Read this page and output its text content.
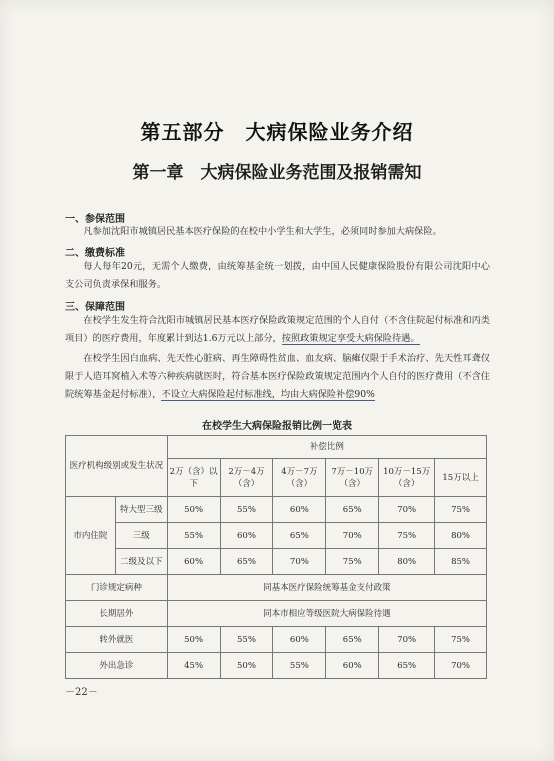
第五部分　大病保险业务介绍
第一章　大病保险业务范围及报销需知
一、参保范围
凡参加沈阳市城镇居民基本医疗保险的在校中小学生和大学生，必须同时参加大病保险。
二、缴费标准
每人每年20元，无需个人缴费，由统筹基金统一划拨，由中国人民健康保险股份有限公司沈阳中心支公司负责承保和服务。
三、保障范围
在校学生发生符合沈阳市城镇居民基本医疗保险政策规定范围的个人自付（不含住院起付标准和丙类项目）的医疗费用，年度累计到达1.6万元以上部分，按照政策规定享受大病保险待遇。
在校学生因白血病、先天性心脏病、再生障碍性贫血、血友病、脑瘫仅限于手术治疗、先天性耳聋仅限于人造耳窝植入术等六种疾病就医时，符合基本医疗保险政策规定范围内个人自付的医疗费用（不含住院统筹基金起付标准），不设立大病保险起付标准线，均由大病保险补偿90%
在校学生大病保险报销比例一览表
医疗机构级别或发生状况		补偿比例					
		2万（含）以下	2万－4万（含）	4万－7万（含）	7万－10万（含）	10万－15万（含）	15万以上
市内住院	特大型三级	50%	55%	60%	65%	70%	75%
	三级	55%	60%	65%	70%	75%	80%
	二级及以下	60%	65%	70%	75%	80%	85%
门诊规定病种		同基本医疗保险统筹基金支付政策					
长期居外		同本市相应等级医院大病保险待遇					
转外就医		50%	55%	60%	65%	70%	75%
外出急诊		45%	50%	55%	60%	65%	70%
－22－
